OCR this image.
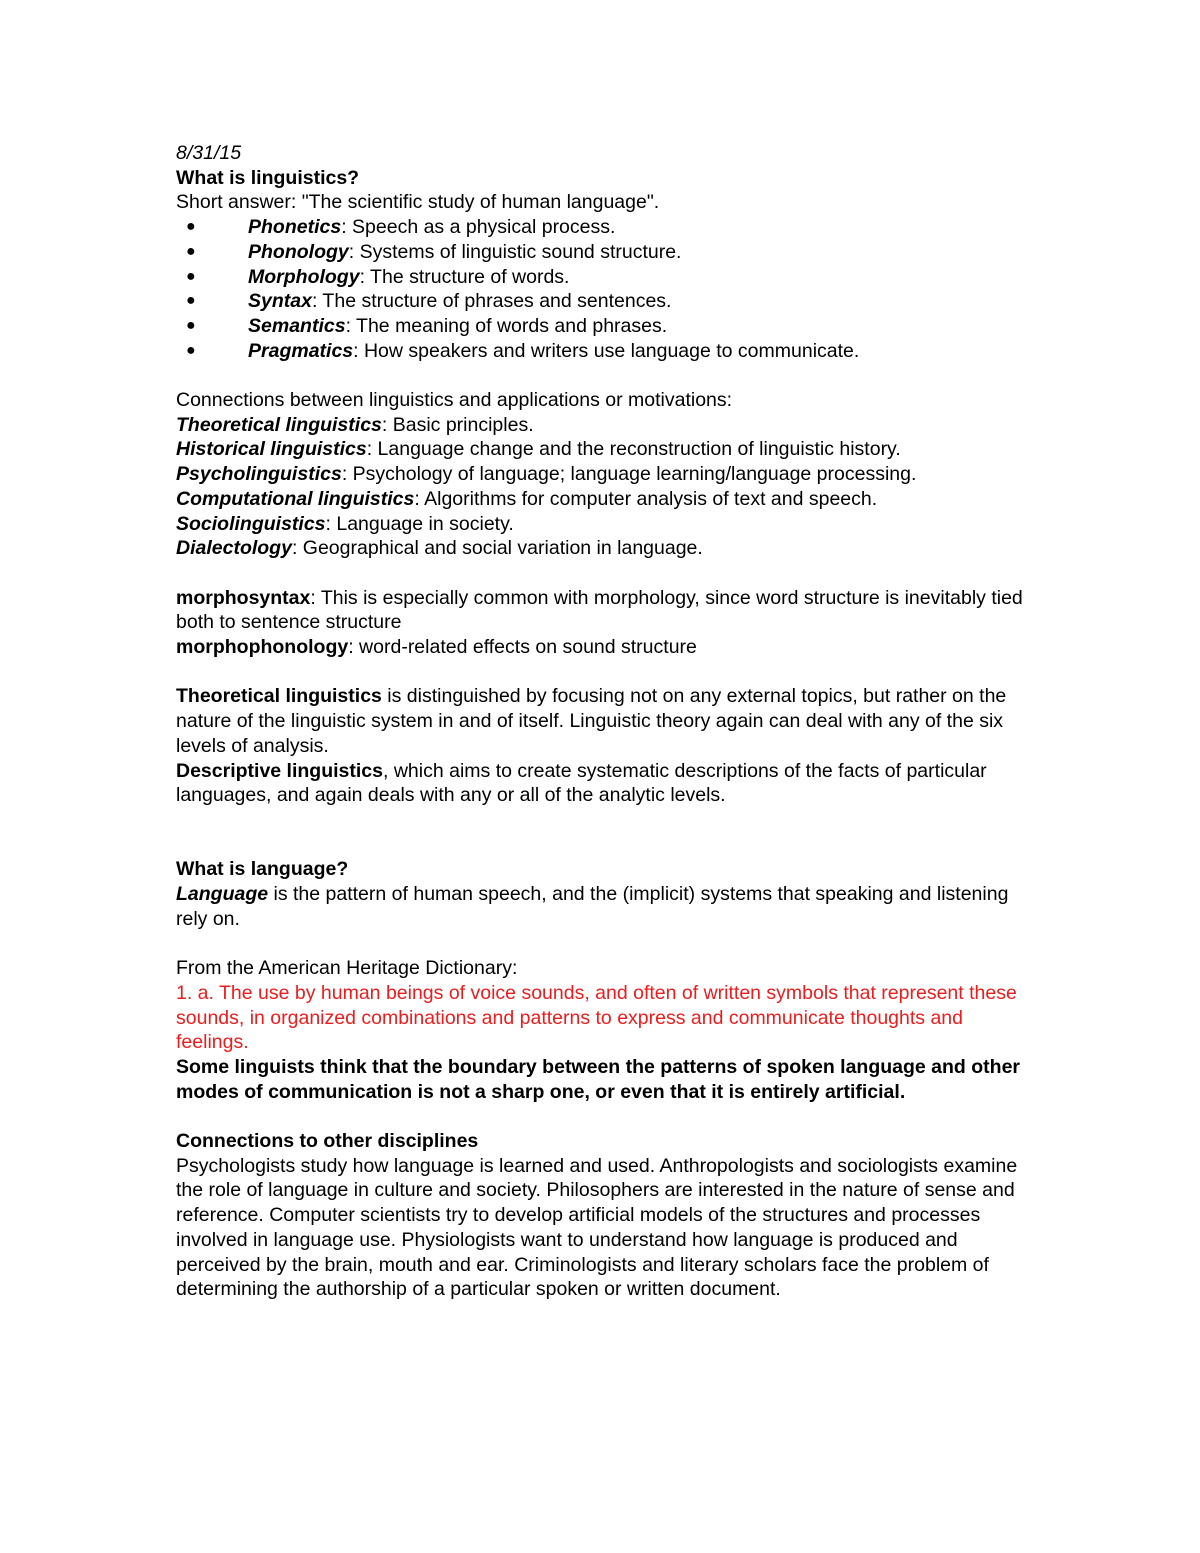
8/31/15

What is linguistics?

Short answer: "The scientific study of human language".

●	Phonetics: Speech as a physical process.
●	Phonology: Systems of linguistic sound structure.
●	Morphology: The structure of words.
●	Syntax: The structure of phrases and sentences.
●	Semantics: The meaning of words and phrases.
●	Pragmatics: How speakers and writers use language to communicate.

Connections between linguistics and applications or motivations:

Theoretical linguistics: Basic principles.

Historical linguistics: Language change and the reconstruction of linguistic history.

Psycholinguistics: Psychology of language; language learning/language processing.

Computational linguistics: Algorithms for computer analysis of text and speech.

Sociolinguistics: Language in society.

Dialectology: Geographical and social variation in language.

morphosyntax: This is especially common with morphology, since word structure is inevitably tied both to sentence structure

morphophonology: word-related effects on sound structure

Theoretical linguistics is distinguished by focusing not on any external topics, but rather on the nature of the linguistic system in and of itself. Linguistic theory again can deal with any of the six levels of analysis.

Descriptive linguistics, which aims to create systematic descriptions of the facts of particular languages, and again deals with any or all of the analytic levels.

What is language?

Language is the pattern of human speech, and the (implicit) systems that speaking and listening rely on.

From the American Heritage Dictionary:

1. a. The use by human beings of voice sounds, and often of written symbols that represent these sounds, in organized combinations and patterns to express and communicate thoughts and feelings.

Some linguists think that the boundary between the patterns of spoken language and other modes of communication is not a sharp one, or even that it is entirely artificial.

Connections to other disciplines

Psychologists study how language is learned and used. Anthropologists and sociologists examine the role of language in culture and society. Philosophers are interested in the nature of sense and reference. Computer scientists try to develop artificial models of the structures and processes involved in language use. Physiologists want to understand how language is produced and perceived by the brain, mouth and ear. Criminologists and literary scholars face the problem of determining the authorship of a particular spoken or written document.
